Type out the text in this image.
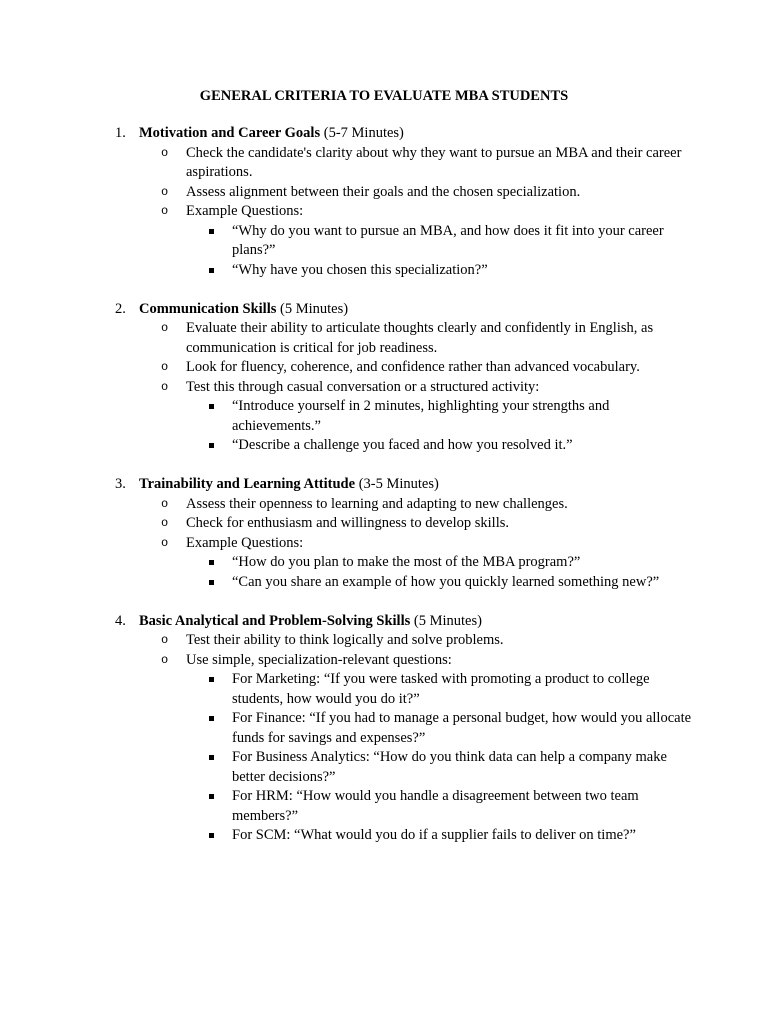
GENERAL CRITERIA TO EVALUATE MBA STUDENTS
1. Motivation and Career Goals (5-7 Minutes)
o Check the candidate's clarity about why they want to pursue an MBA and their career aspirations.
o Assess alignment between their goals and the chosen specialization.
o Example Questions:
“Why do you want to pursue an MBA, and how does it fit into your career plans?”
“Why have you chosen this specialization?”
2. Communication Skills (5 Minutes)
o Evaluate their ability to articulate thoughts clearly and confidently in English, as communication is critical for job readiness.
o Look for fluency, coherence, and confidence rather than advanced vocabulary.
o Test this through casual conversation or a structured activity:
“Introduce yourself in 2 minutes, highlighting your strengths and achievements.”
“Describe a challenge you faced and how you resolved it.”
3. Trainability and Learning Attitude (3-5 Minutes)
o Assess their openness to learning and adapting to new challenges.
o Check for enthusiasm and willingness to develop skills.
o Example Questions:
“How do you plan to make the most of the MBA program?”
“Can you share an example of how you quickly learned something new?”
4. Basic Analytical and Problem-Solving Skills (5 Minutes)
o Test their ability to think logically and solve problems.
o Use simple, specialization-relevant questions:
For Marketing: “If you were tasked with promoting a product to college students, how would you do it?”
For Finance: “If you had to manage a personal budget, how would you allocate funds for savings and expenses?”
For Business Analytics: “How do you think data can help a company make better decisions?”
For HRM: “How would you handle a disagreement between two team members?”
For SCM: “What would you do if a supplier fails to deliver on time?”
